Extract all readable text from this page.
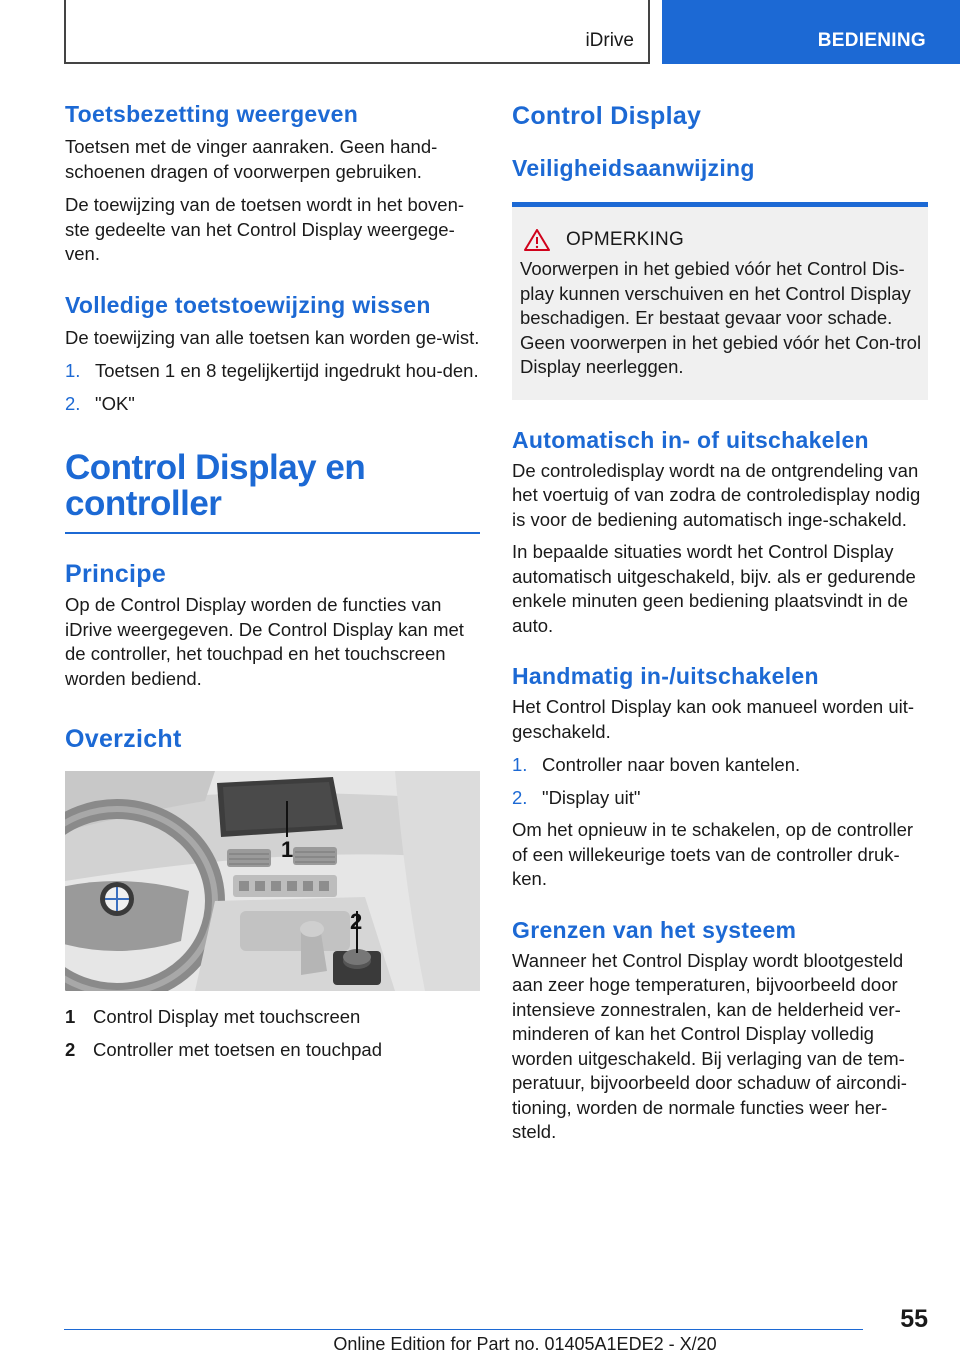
iDrive	BEDIENING
Toetsbezetting weergeven

Toetsen met de vinger aanraken. Geen hand-schoenen dragen of voorwerpen gebruiken.

De toewijzing van de toetsen wordt in het boven-ste gedeelte van het Control Display weergege-ven.

Volledige toetstoewijzing wissen

De toewijzing van alle toetsen kan worden ge-wist.

1. Toetsen 1 en 8 tegelijkertijd ingedrukt hou-den.
2. "OK"
Control Display en controller
Principe

Op de Control Display worden de functies van iDrive weergegeven. De Control Display kan met de controller, het touchpad en het touchscreen worden bediend.

Overzicht
1
2
1 Control Display met touchscreen
2 Controller met toetsen en touchpad
Control Display
Veiligheidsaanwijzing
OPMERKING

Voorwerpen in het gebied vóór het Control Dis-play kunnen verschuiven en het Control Display beschadigen. Er bestaat gevaar voor schade. Geen voorwerpen in het gebied vóór het Con-trol Display neerleggen.

Automatisch in- of uitschakelen

De controledisplay wordt na de ontgrendeling van het voertuig of van zodra de controledisplay nodig is voor de bediening automatisch inge-schakeld.

In bepaalde situaties wordt het Control Display automatisch uitgeschakeld, bijv. als er gedurende enkele minuten geen bediening plaatsvindt in de auto.

Handmatig in-/uitschakelen

Het Control Display kan ook manueel worden uit-geschakeld.

1. Controller naar boven kantelen.
2. "Display uit"

Om het opnieuw in te schakelen, op de controller of een willekeurige toets van de controller druk-ken.

Grenzen van het systeem

Wanneer het Control Display wordt blootgesteld aan zeer hoge temperaturen, bijvoorbeeld door intensieve zonnestralen, kan de helderheid ver-minderen of kan het Control Display volledig worden uitgeschakeld. Bij verlaging van de tem-peratuur, bijvoorbeeld door schaduw of aircondi-tioning, worden de normale functies weer her-steld.

55
Online Edition for Part no. 01405A1EDE2 - X/20
